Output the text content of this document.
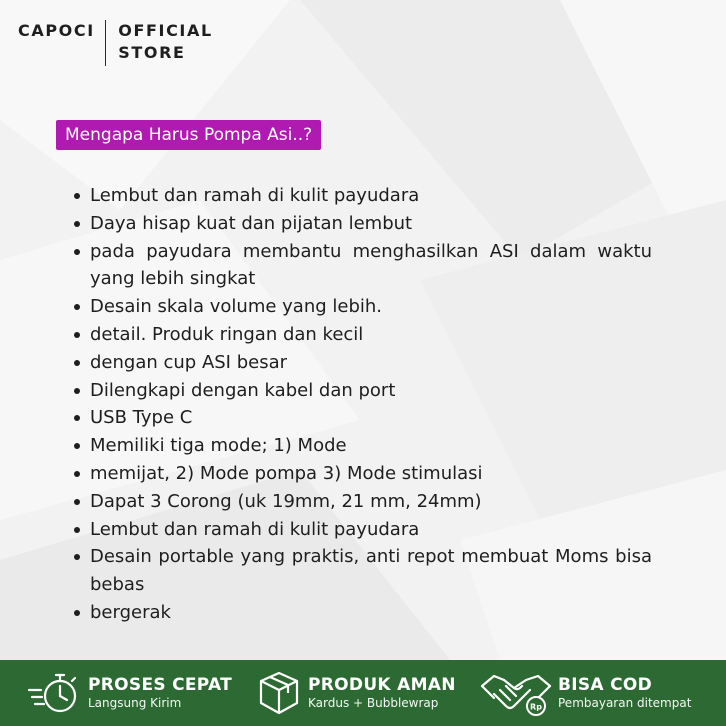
CAPOCI	OFFICIAL
STORE
Mengapa Harus Pompa Asi..?
Lembut dan ramah di kulit payudara
Daya hisap kuat dan pijatan lembut
pada payudara membantu menghasilkan ASI dalam waktu yang lebih singkat
Desain skala volume yang lebih.
detail. Produk ringan dan kecil
dengan cup ASI besar
Dilengkapi dengan kabel dan port
USB Type C
Memiliki tiga mode; 1) Mode
memijat, 2) Mode pompa 3) Mode stimulasi
Dapat 3 Corong (uk 19mm, 21 mm, 24mm)
Lembut dan ramah di kulit payudara
Desain portable yang praktis, anti repot membuat Moms bisa bebas
bergerak
PROSES CEPAT
Langsung Kirim
PRODUK AMAN
Kardus + Bubblewrap	Rp
BISA COD
Pembayaran ditempat
